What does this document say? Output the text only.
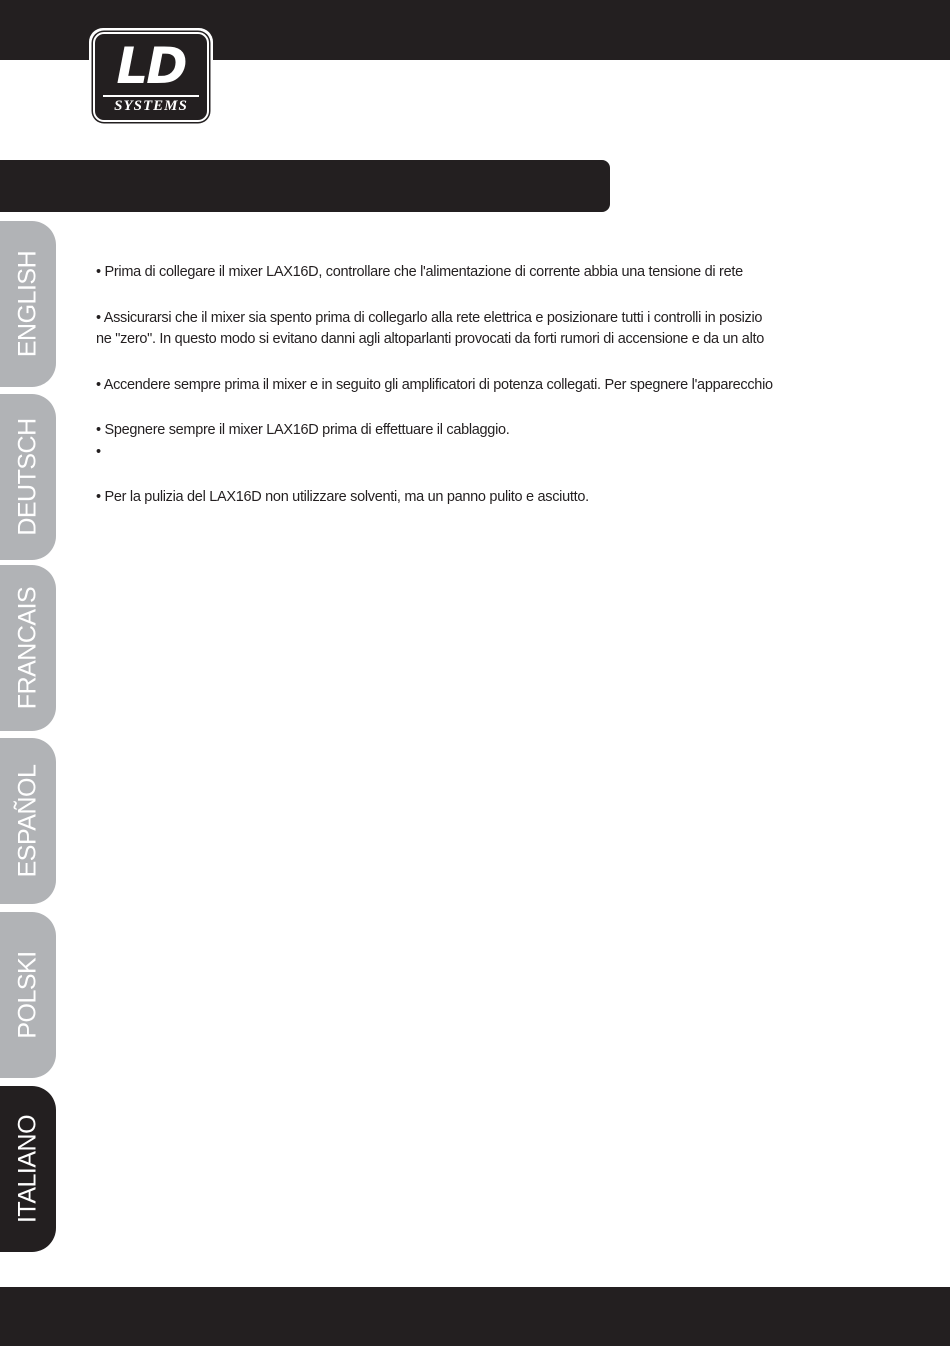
LD
SYSTEMS
ENGLISH
DEUTSCH
FRANCAIS
ESPAÑOL
POLSKI
ITALIANO

• Prima di collegare il mixer LAX16D, controllare che l'alimentazione di corrente abbia una tensione di rete

• Assicurarsi che il mixer sia spento prima di collegarlo alla rete elettrica e posizionare tutti i controlli in posizio

ne "zero". In questo modo si evitano danni agli altoparlanti provocati da forti rumori di accensione e da un alto

• Accendere sempre prima il mixer e in seguito gli amplificatori di potenza collegati. Per spegnere l'apparecchio

• Spegnere sempre il mixer LAX16D prima di effettuare il cablaggio.

•

• Per la pulizia del LAX16D non utilizzare solventi, ma un panno pulito e asciutto.
